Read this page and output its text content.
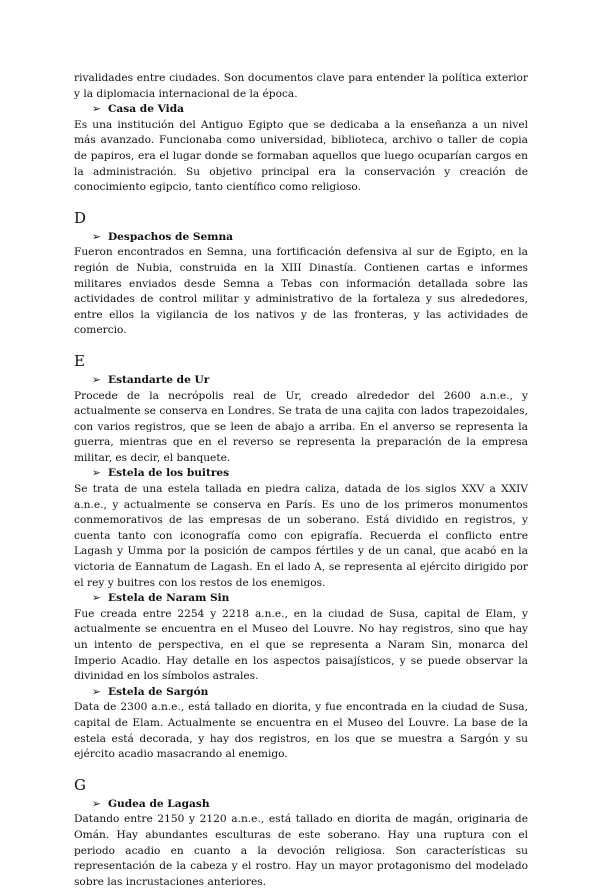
rivalidades entre ciudades. Son documentos clave para entender la política exterior y la diplomacia internacional de la época.

➢ Casa de Vida

Es una institución del Antiguo Egipto que se dedicaba a la enseñanza a un nivel más avanzado. Funcionaba como universidad, biblioteca, archivo o taller de copia de papiros, era el lugar donde se formaban aquellos que luego ocuparían cargos en la administración. Su objetivo principal era la conservación y creación de conocimiento egipcio, tanto científico como religioso.

D
➢ Despachos de Semna

Fueron encontrados en Semna, una fortificación defensiva al sur de Egipto, en la región de Nubia, construida en la XIII Dinastía. Contienen cartas e informes militares enviados desde Semna a Tebas con información detallada sobre las actividades de control militar y administrativo de la fortaleza y sus alrededores, entre ellos la vigilancia de los nativos y de las fronteras, y las actividades de comercio.

E
➢ Estandarte de Ur

Procede de la necrópolis real de Ur, creado alrededor del 2600 a.n.e., y actualmente se conserva en Londres. Se trata de una cajita con lados trapezoidales, con varios registros, que se leen de abajo a arriba. En el anverso se representa la guerra, mientras que en el reverso se representa la preparación de la empresa militar, es decir, el banquete.

➢ Estela de los buitres

Se trata de una estela tallada en piedra caliza, datada de los siglos XXV a XXIV a.n.e., y actualmente se conserva en París. Es uno de los primeros monumentos conmemorativos de las empresas de un soberano. Está dividido en registros, y cuenta tanto con iconografía como con epigrafía. Recuerda el conflicto entre Lagash y Umma por la posición de campos fértiles y de un canal, que acabó en la victoria de Eannatum de Lagash. En el lado A, se representa al ejército dirigido por el rey y buitres con los restos de los enemigos.

➢ Estela de Naram Sin

Fue creada entre 2254 y 2218 a.n.e., en la ciudad de Susa, capital de Elam, y actualmente se encuentra en el Museo del Louvre. No hay registros, sino que hay un intento de perspectiva, en el que se representa a Naram Sin, monarca del Imperio Acadio. Hay detalle en los aspectos paisajísticos, y se puede observar la divinidad en los símbolos astrales.

➢ Estela de Sargón

Data de 2300 a.n.e., está tallado en diorita, y fue encontrada en la ciudad de Susa, capital de Elam. Actualmente se encuentra en el Museo del Louvre. La base de la estela está decorada, y hay dos registros, en los que se muestra a Sargón y su ejército acadio masacrando al enemigo.

G
➢ Gudea de Lagash

Datando entre 2150 y 2120 a.n.e., está tallado en diorita de magán, originaria de Omán. Hay abundantes esculturas de este soberano. Hay una ruptura con el periodo acadio en cuanto a la devoción religiosa. Son características su representación de la cabeza y el rostro. Hay un mayor protagonismo del modelado sobre las incrustaciones anteriores.
